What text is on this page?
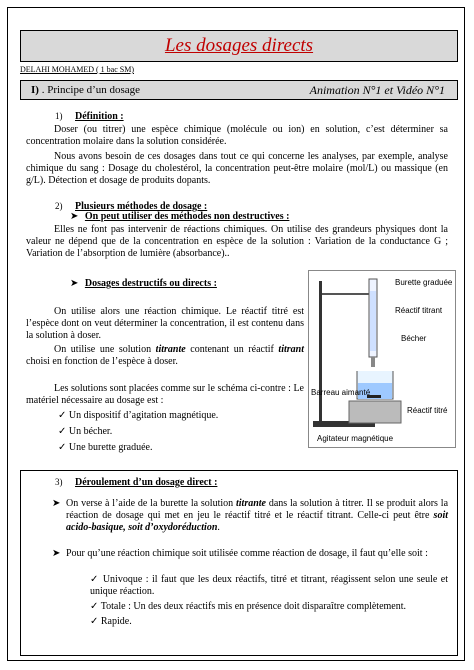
Les dosages directs
DELAHI MOHAMED ( 1 bac SM)
I) . Principe d’un dosage	Animation N°1 et Vidéo N°1
1) Définition :
Doser (ou titrer) une espèce chimique (molécule ou ion) en solution, c’est déterminer sa concentration molaire dans la solution considérée.
Nous avons besoin de ces dosages dans tout ce qui concerne les analyses, par exemple, analyse chimique du sang : Dosage du cholestérol, la concentration peut-être molaire (mol/L) ou massique (en g/L). Détection et dosage de produits dopants.
2) Plusieurs méthodes de dosage :
➤ On peut utiliser des méthodes non destructives :
Elles ne font pas intervenir de réactions chimiques. On utilise des grandeurs physiques dont la valeur ne dépend que de la concentration en espèce de la solution : Variation de la conductance G ; Variation de l’absorption de lumière (absorbance)..
➤ Dosages destructifs ou directs :
On utilise alors une réaction chimique. Le réactif titré est l’espèce dont on veut déterminer la concentration, il est contenu dans la solution à doser.
On utilise une solution titrante contenant un réactif titrant choisi en fonction de l’espèce à doser.
Les solutions sont placées comme sur le schéma ci-contre : Le matériel nécessaire au dosage est :
✓ Un dispositif d’agitation magnétique.
✓ Un bécher.
✓ Une burette graduée.
Burette graduée
Réactif titrant
Bécher
Barreau aimanté
Réactif titré
Agitateur magnétique
3) Déroulement d’un dosage direct :
➤ On verse à l’aide de la burette la solution titrante dans la solution à titrer. Il se produit alors la réaction de dosage qui met en jeu le réactif titré et le réactif titrant. Celle-ci peut être soit acido-basique, soit d’oxydoréduction.
➤ Pour qu’une réaction chimique soit utilisée comme réaction de dosage, il faut qu’elle soit :
✓ Univoque : il faut que les deux réactifs, titré et titrant, réagissent selon une seule et unique réaction.
✓ Totale : Un des deux réactifs mis en présence doit disparaître complètement.
✓ Rapide.
